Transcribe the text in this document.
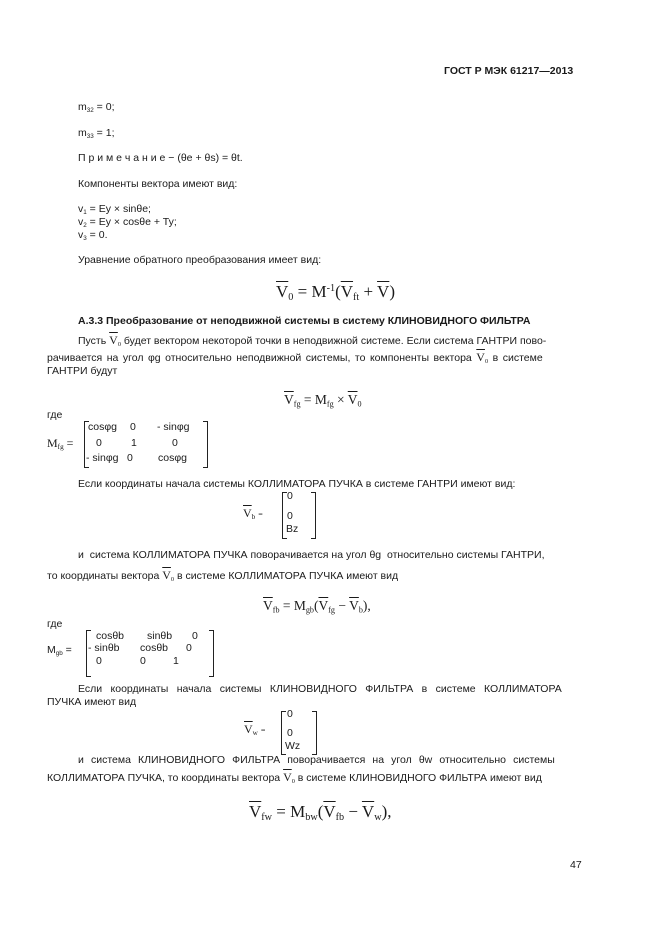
ГОСТ Р МЭК 61217—2013
$m_{32} = 0$;
$m_{33} = 1$;
П р и м е ч а н и е − (θe + θs) = θt.
Компоненты вектора имеют вид:
$v_1 = Ey \times \sin\theta e$;
$v_2 = Ey \times \cos\theta e + Ty$;
$v_3 = 0$.
Уравнение обратного преобразования имеет вид:
$\overline{V}_0 = M^{-1}(\overline{V}_{ft} + \overline{V})$
А.3.3 Преобразование от неподвижной системы в систему КЛИНОВИДНОГО ФИЛЬТРА
Пусть $\overline{V}_0$ будет вектором некоторой точки в неподвижной системе. Если система ГАНТРИ пово-
рачивается на угол φg относительно неподвижной системы, то компоненты вектора $\overline{V}_0$ в системе
ГАНТРИ будут
$\overline{V}_{fg} = M_{fg} \times \overline{V}_0$
где
$M_{fg}$ =
cosφg 0 - sinφg
0	1	0
- sinφg 0 cosφg
Если координаты начала системы КОЛЛИМАТОРА ПУЧКА в системе ГАНТРИ имеют вид:
$\overline{V}_b$ =
0
0
Bz
и  система КОЛЛИМАТОРА ПУЧКА поворачивается на угол θg  относительно системы ГАНТРИ,
то координаты вектора $\overline{V}_0$ в системе КОЛЛИМАТОРА ПУЧКА имеют вид
$\overline{V}_{fb} = M_{gb}(\overline{V}_{fg} - \overline{V}_b)$,
где
$M_{gb}$ =
cosθb sinθb 0
- sinθb cosθb 0
0	0	1
Если координаты начала системы КЛИНОВИДНОГО ФИЛЬТРА в системе КОЛЛИМАТОРА
ПУЧКА имеют вид
$\overline{V}_w$ =
0
0
Wz
и система КЛИНОВИДНОГО ФИЛЬТРА поворачивается на угол θw относительно системы
КОЛЛИМАТОРА ПУЧКА, то координаты вектора $\overline{V}_0$ в системе КЛИНОВИДНОГО ФИЛЬТРА имеют вид
$\overline{V}_{fw} = M_{bw}(\overline{V}_{fb} - \overline{V}_w)$,
47
